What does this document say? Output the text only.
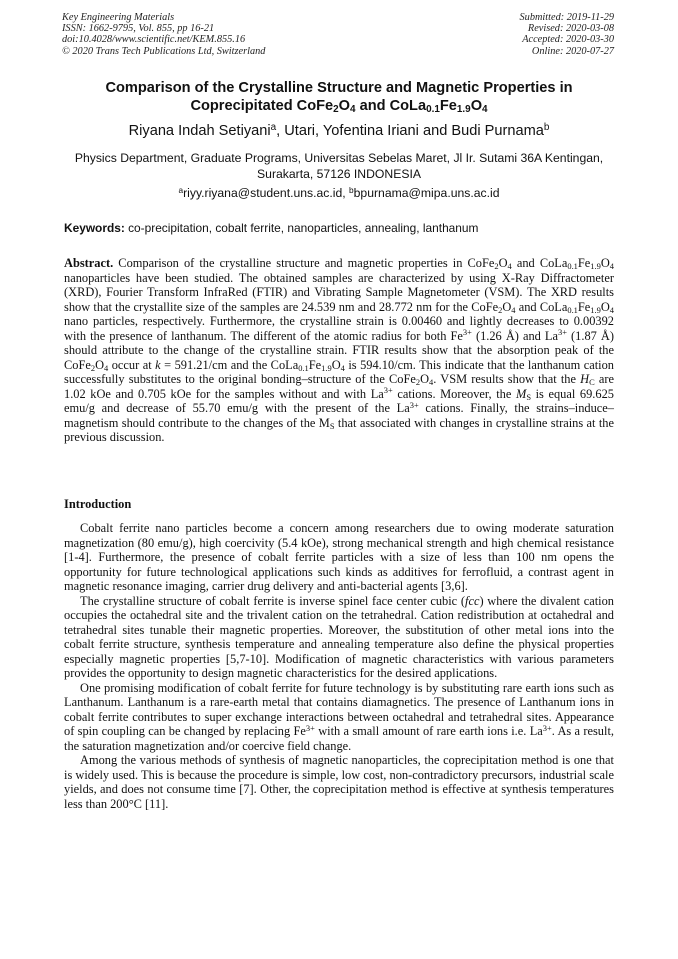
Key Engineering Materials
ISSN: 1662-9795, Vol. 855, pp 16-21
doi:10.4028/www.scientific.net/KEM.855.16
© 2020 Trans Tech Publications Ltd, Switzerland
Submitted: 2019-11-29
Revised: 2020-03-08
Accepted: 2020-03-30
Online: 2020-07-27
Comparison of the Crystalline Structure and Magnetic Properties in
Coprecipitated $CoFe_2O_4$ and $CoLa_{0.1}Fe_{1.9}O_4$
Riyana Indah Setiyani$^a$, Utari, Yofentina Iriani and Budi Purnama$^b$
Physics Department, Graduate Programs, Universitas Sebelas Maret, Jl Ir. Sutami 36A Kentingan, Surakarta, 57126 INDONESIA
$^a$riyy.riyana@student.uns.ac.id, $^b$bpurnama@mipa.uns.ac.id
Keywords: co-precipitation, cobalt ferrite, nanoparticles, annealing, lanthanum

Abstract. Comparison of the crystalline structure and magnetic properties in $CoFe_2O_4$ and $CoLa_{0.1}Fe_{1.9}O_4$ nanoparticles have been studied. The obtained samples are characterized by using X-Ray Diffractometer (XRD), Fourier Transform InfraRed (FTIR) and Vibrating Sample Magnetometer (VSM). The XRD results show that the crystallite size of the samples are 24.539 nm and 28.772 nm for the $CoFe_2O_4$ and $CoLa_{0.1}Fe_{1.9}O_4$ nano particles, respectively. Furthermore, the crystalline strain is 0.00460 and lightly decreases to 0.00392 with the presence of lanthanum. The different of the atomic radius for both $Fe^{3+}$ (1.26 Å) and $La^{3+}$ (1.87 Å) should attribute to the change of the crystalline strain. FTIR results show that the absorption peak of the $CoFe_2O_4$ occur at k = 591.21/cm and the $CoLa_{0.1}Fe_{1.9}O_4$ is 594.10/cm. This indicate that the lanthanum cation successfully substitutes to the original bonding–structure of the $CoFe_2O_4$. VSM results show that the $H_C$ are 1.02 kOe and 0.705 kOe for the samples without and with $La^{3+}$ cations. Moreover, the $M_S$ is equal 69.625 emu/g and decrease of 55.70 emu/g with the present of the $La^{3+}$ cations. Finally, the strains–induce–magnetism should contribute to the changes of the $M_S$ that associated with changes in crystalline strains at the previous discussion.

Introduction

Cobalt ferrite nano particles become a concern among researchers due to owing moderate saturation magnetization (80 emu/g), high coercivity (5.4 kOe), strong mechanical strength and high chemical resistance [1-4]. Furthermore, the presence of cobalt ferrite particles with a size of less than 100 nm opens the opportunity for future technological applications such kinds as additives for ferrofluid, a contrast agent in magnetic resonance imaging, carrier drug delivery and anti-bacterial agents [3,6].

The crystalline structure of cobalt ferrite is inverse spinel face center cubic (fcc) where the divalent cation occupies the octahedral site and the trivalent cation on the tetrahedral. Cation redistribution at octahedral and tetrahedral sites tunable their magnetic properties. Moreover, the substitution of other metal ions into the cobalt ferrite structure, synthesis temperature and annealing temperature also define the physical properties especially magnetic properties [5,7-10]. Modification of magnetic characteristics with various parameters provides the opportunity to design magnetic characteristics for the desired applications.

One promising modification of cobalt ferrite for future technology is by substituting rare earth ions such as Lanthanum. Lanthanum is a rare-earth metal that contains diamagnetics. The presence of Lanthanum ions in cobalt ferrite contributes to super exchange interactions between octahedral and tetrahedral sites. Appearance of spin coupling can be changed by replacing $Fe^{3+}$ with a small amount of rare earth ions i.e. $La^{3+}$. As a result, the saturation magnetization and/or coercive field change.

Among the various methods of synthesis of magnetic nanoparticles, the coprecipitation method is one that is widely used. This is because the procedure is simple, low cost, non-contradictory precursors, industrial scale yields, and does not consume time [7]. Other, the coprecipitation method is effective at synthesis temperatures less than 200°C [11].
